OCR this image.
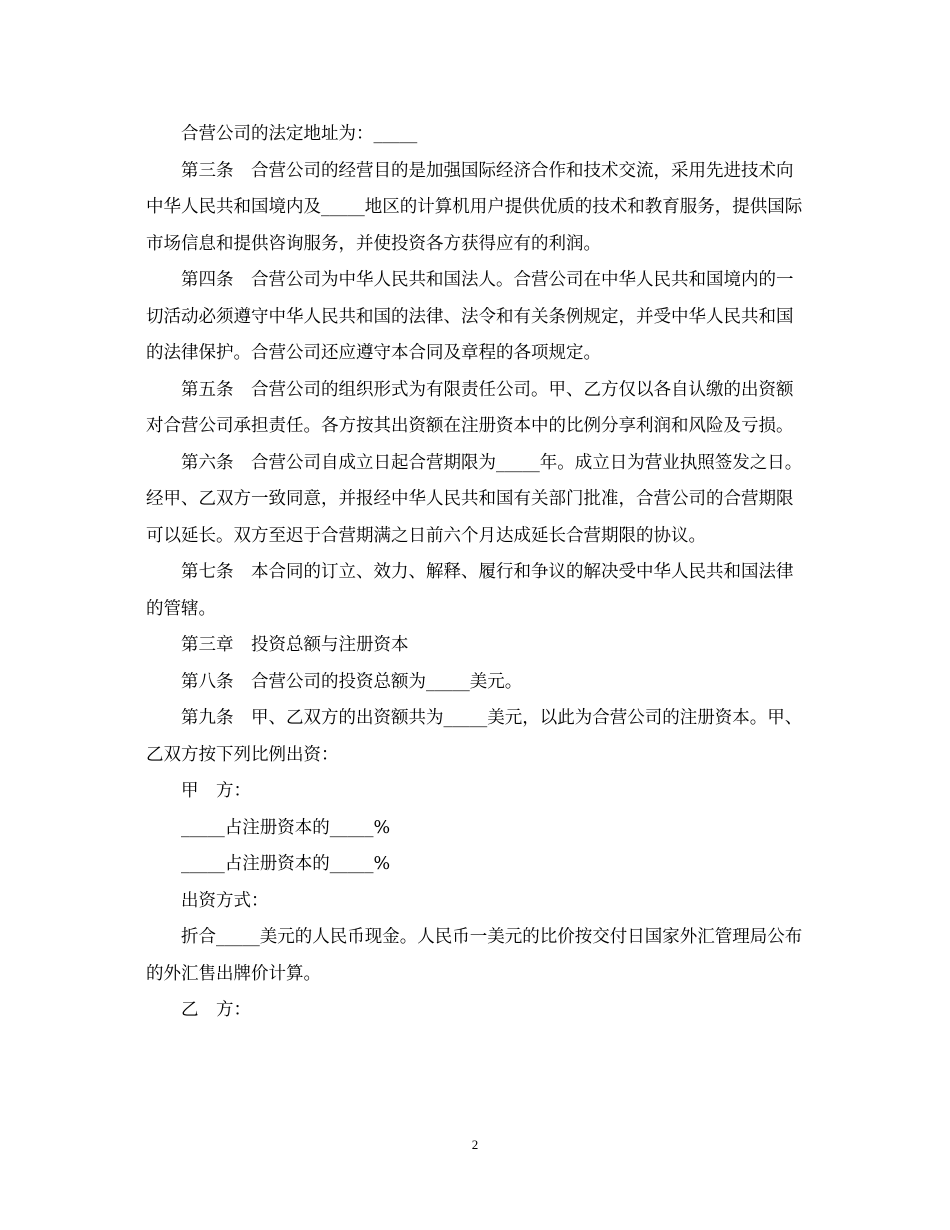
合营公司的法定地址为：_____

第三条　合营公司的经营目的是加强国际经济合作和技术交流，采用先进技术向中华人民共和国境内及_____地区的计算机用户提供优质的技术和教育服务，提供国际市场信息和提供咨询服务，并使投资各方获得应有的利润。

第四条　合营公司为中华人民共和国法人。合营公司在中华人民共和国境内的一切活动必须遵守中华人民共和国的法律、法令和有关条例规定，并受中华人民共和国的法律保护。合营公司还应遵守本合同及章程的各项规定。

第五条　合营公司的组织形式为有限责任公司。甲、乙方仅以各自认缴的出资额对合营公司承担责任。各方按其出资额在注册资本中的比例分享利润和风险及亏损。

第六条　合营公司自成立日起合营期限为_____年。成立日为营业执照签发之日。经甲、乙双方一致同意，并报经中华人民共和国有关部门批准，合营公司的合营期限可以延长。双方至迟于合营期满之日前六个月达成延长合营期限的协议。

第七条　本合同的订立、效力、解释、履行和争议的解决受中华人民共和国法律的管辖。

第三章　投资总额与注册资本

第八条　合营公司的投资总额为_____美元。

第九条　甲、乙双方的出资额共为_____美元，以此为合营公司的注册资本。甲、乙双方按下列比例出资：

甲　方：

_____占注册资本的_____%

_____占注册资本的_____%

出资方式：

折合_____美元的人民币现金。人民币一美元的比价按交付日国家外汇管理局公布的外汇售出牌价计算。

乙　方：

2
